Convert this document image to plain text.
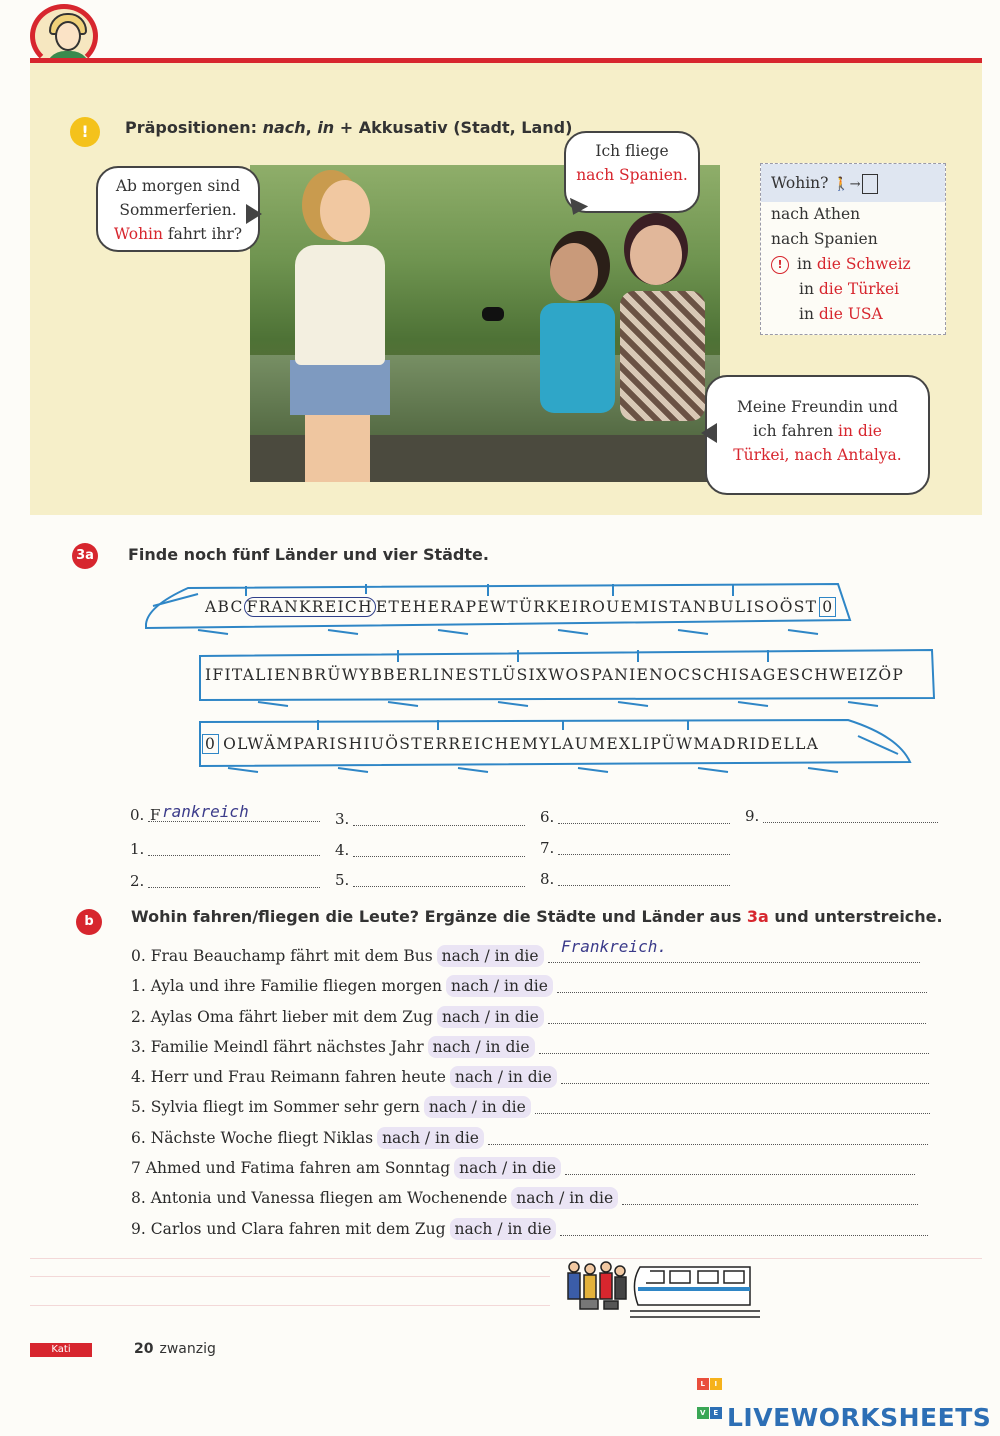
!	Präpositionen: nach, in + Akkusativ (Stadt, Land)
Ab morgen sind
Sommerferien.
Wohin fahrt ihr?
Ich fliege
nach Spanien.
Meine Freundin und
ich fahren in die
Türkei, nach Antalya.
Wohin? 🚶→
nach Athen
nach Spanien
! in die Schweiz
in die Türkei
in die USA
3a Finde noch fünf Länder und vier Städte.
ABC FRANKREICH ETEHERAPEWTÜRKEIROUEMISTANBULISOÖST 0
IFITALIENBRÜWYBBERLINESTLÜSIXWOSPANIENOCSCHISAGESCHWEIZÖP
0 OLWÄMPARISHIUÖSTERREICHEMYLAUMEXLIPÜWMADRIDELLA
0. F rankreich
1.
2.
3.
4.
5.
6.
7.
8.
9.
b	Wohin fahren/fliegen die Leute? Ergänze die Städte und Länder aus 3a und unterstreiche.
0. Frau Beauchamp fährt mit dem Bus nach / in die Frankreich.
1. Ayla und ihre Familie fliegen morgen nach / in die
2. Aylas Oma fährt lieber mit dem Zug nach / in die
3. Familie Meindl fährt nächstes Jahr nach / in die
4. Herr und Frau Reimann fahren heute nach / in die
5. Sylvia fliegt im Sommer sehr gern nach / in die
6. Nächste Woche fliegt Niklas nach / in die
7 Ahmed und Fatima fahren am Sonntag nach / in die
8. Antonia und Vanessa fliegen am Wochenende nach / in die
9. Carlos und Clara fahren mit dem Zug nach / in die
Kati	20 zwanzig
L I
V E LIVEWORKSHEETS
